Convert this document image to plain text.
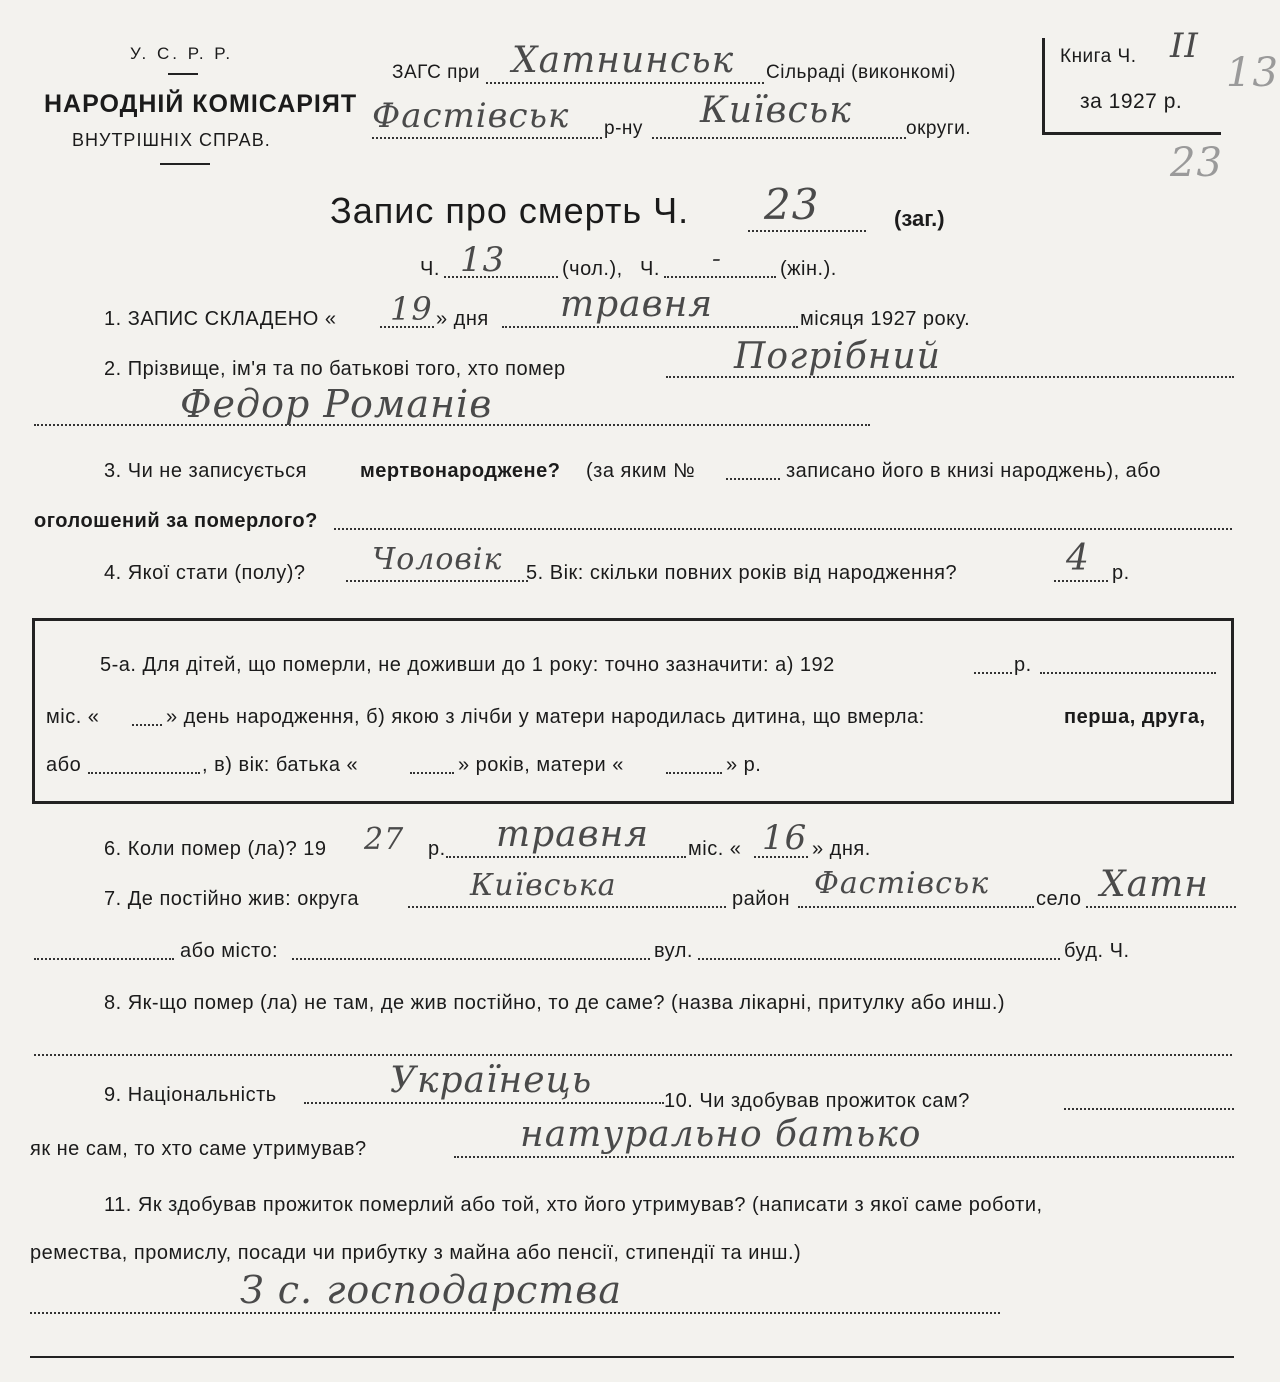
У. С. Р. Р.
НАРОДНІЙ КОМІСАРІЯТ
ВНУТРІШНІХ СПРАВ.
ЗАГС при Хатнинськ Сільраді (виконкомі)
Фастівськ р-ну Київськ	округи.
Книга Ч. II
за 1927 р.
13
23
Запис про смерть Ч. 23	(заг.)
Ч. 13	(чол.), Ч. -	(жін.).
1. ЗАПИС СКЛАДЕНО « 19 » дня травня	місяця 1927 року.
2. Прізвище, ім'я та по батькові того, хто помер	Погрібний
Федор Романів
3. Чи не записується	мертвонароджене? (за яким №	записано його в книзі народжень), або
оголошений за померлого?
4. Якої стати (полу)? Чоловік 5. Вік: скільки повних років від народження?	4 р.
5-а. Для дітей, що померли, не доживши до 1 року: точно зазначити: а) 192	р.
міс. «	» день народження, б) якою з лічби у матери народилась дитина, що вмерла:	перша, друга,
або	, в) вік: батька «	» років, матери «	» р.
6. Коли помер (ла)? 19 27 р. травня міс. « 16 » дня.
7. Де постійно жив: округа	Київська	район Фастівськ село Хатн
або місто:	вул.	буд. Ч.
8. Як-що помер (ла) не там, де жив постійно, то де саме? (назва лікарні, притулку або инш.)
9. Національність	Українець	10. Чи здобував прожиток сам?
як не сам, то хто саме утримував?	натурально батько
11. Як здобував прожиток померлий або той, хто його утримував? (написати з якої саме роботи,
ремества, промислу, посади чи прибутку з майна або пенсії, стипендії та инш.)
З с. господарства
